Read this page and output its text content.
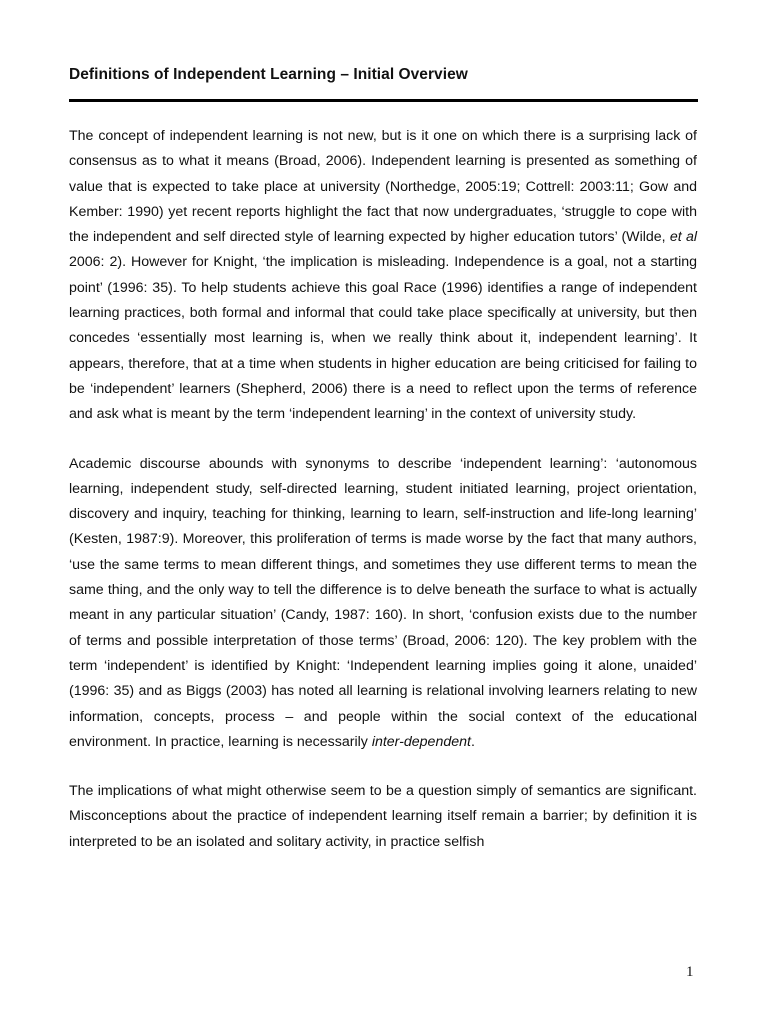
Definitions of Independent Learning – Initial Overview

The concept of independent learning is not new, but is it one on which there is a surprising lack of consensus as to what it means (Broad, 2006). Independent learning is presented as something of value that is expected to take place at university (Northedge, 2005:19; Cottrell: 2003:11; Gow and Kember: 1990) yet recent reports highlight the fact that now undergraduates, ‘struggle to cope with the independent and self directed style of learning expected by higher education tutors’ (Wilde, et al 2006: 2). However for Knight, ‘the implication is misleading. Independence is a goal, not a starting point’ (1996: 35). To help students achieve this goal Race (1996) identifies a range of independent learning practices, both formal and informal that could take place specifically at university, but then concedes ‘essentially most learning is, when we really think about it, independent learning’. It appears, therefore, that at a time when students in higher education are being criticised for failing to be ‘independent’ learners (Shepherd, 2006) there is a need to reflect upon the terms of reference and ask what is meant by the term ‘independent learning’ in the context of university study.

Academic discourse abounds with synonyms to describe ‘independent learning’: ‘autonomous learning, independent study, self-directed learning, student initiated learning, project orientation, discovery and inquiry, teaching for thinking, learning to learn, self-instruction and life-long learning’ (Kesten, 1987:9). Moreover, this proliferation of terms is made worse by the fact that many authors, ‘use the same terms to mean different things, and sometimes they use different terms to mean the same thing, and the only way to tell the difference is to delve beneath the surface to what is actually meant in any particular situation’ (Candy, 1987: 160). In short, ‘confusion exists due to the number of terms and possible interpretation of those terms’ (Broad, 2006: 120). The key problem with the term ‘independent’ is identified by Knight: ‘Independent learning implies going it alone, unaided’ (1996: 35) and as Biggs (2003) has noted all learning is relational involving learners relating to new information, concepts, process – and people within the social context of the educational environment. In practice, learning is necessarily inter-dependent.

The implications of what might otherwise seem to be a question simply of semantics are significant. Misconceptions about the practice of independent learning itself remain a barrier; by definition it is interpreted to be an isolated and solitary activity, in practice selfish

1
